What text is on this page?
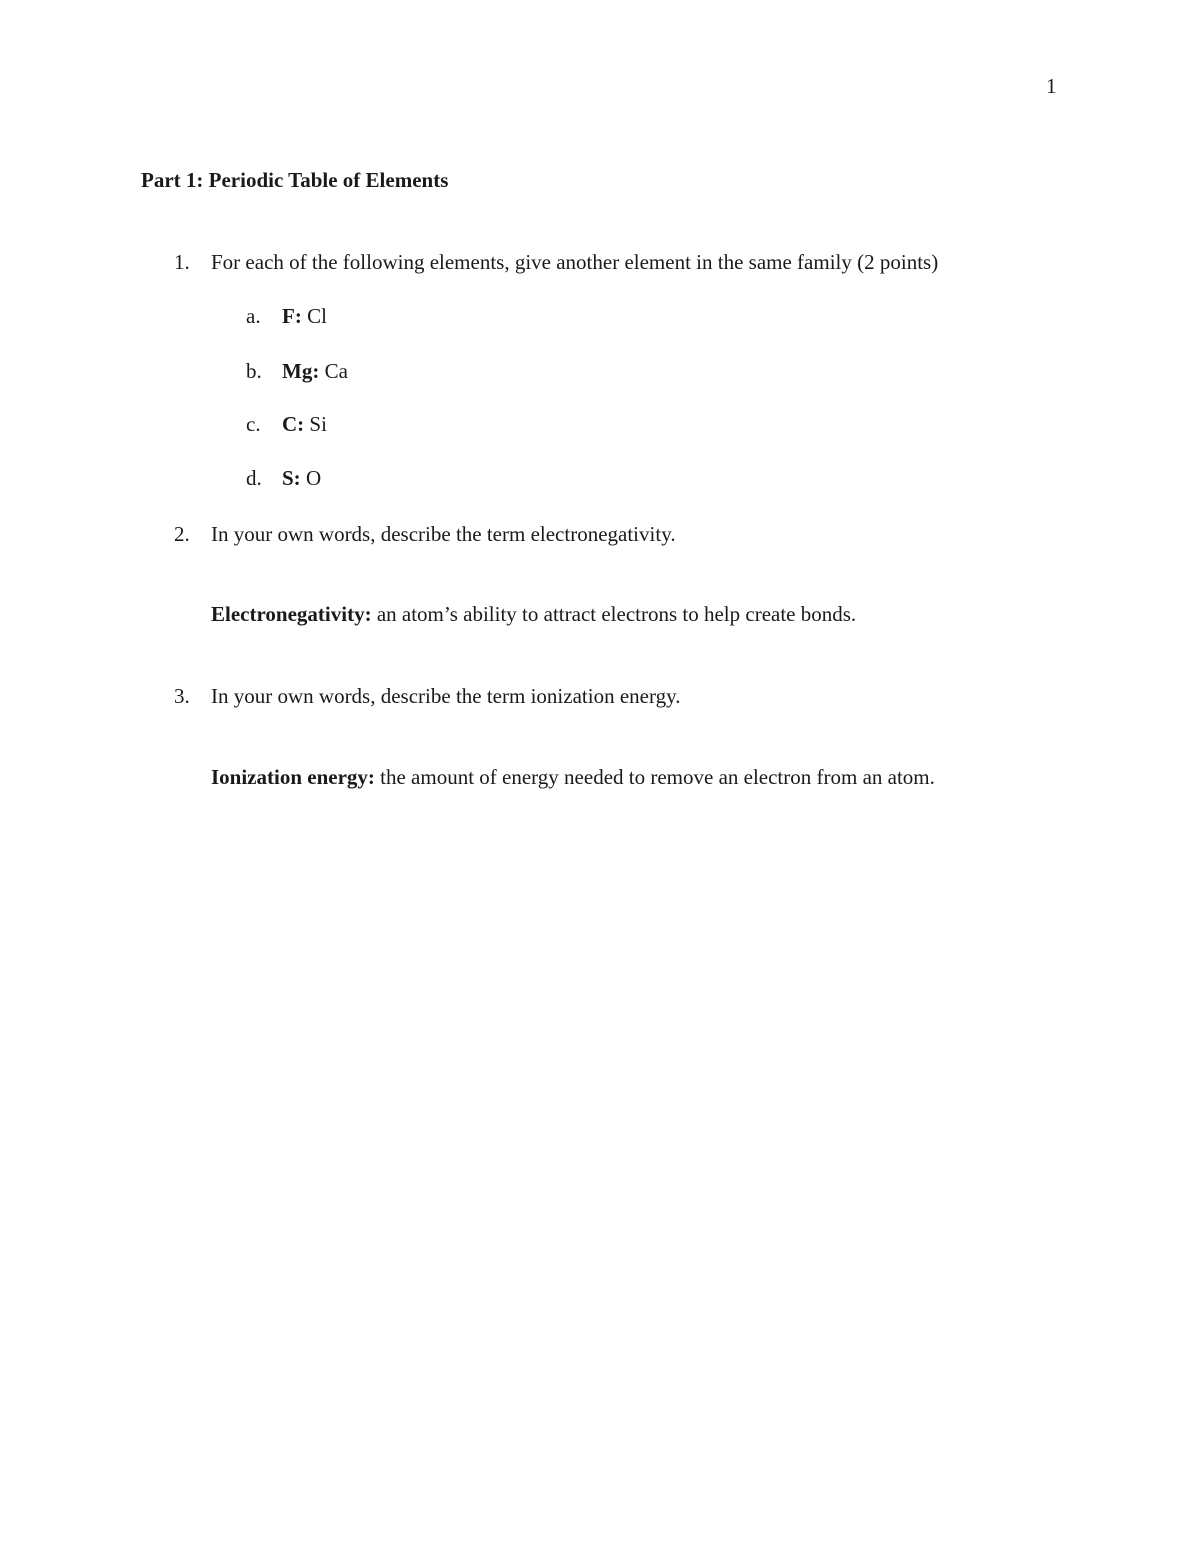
1
Part 1: Periodic Table of Elements
1. For each of the following elements, give another element in the same family (2 points)
a. F: Cl
b. Mg: Ca
c. C: Si
d. S: O
2. In your own words, describe the term electronegativity.
Electronegativity: an atom’s ability to attract electrons to help create bonds.
3. In your own words, describe the term ionization energy.
Ionization energy: the amount of energy needed to remove an electron from an atom.
